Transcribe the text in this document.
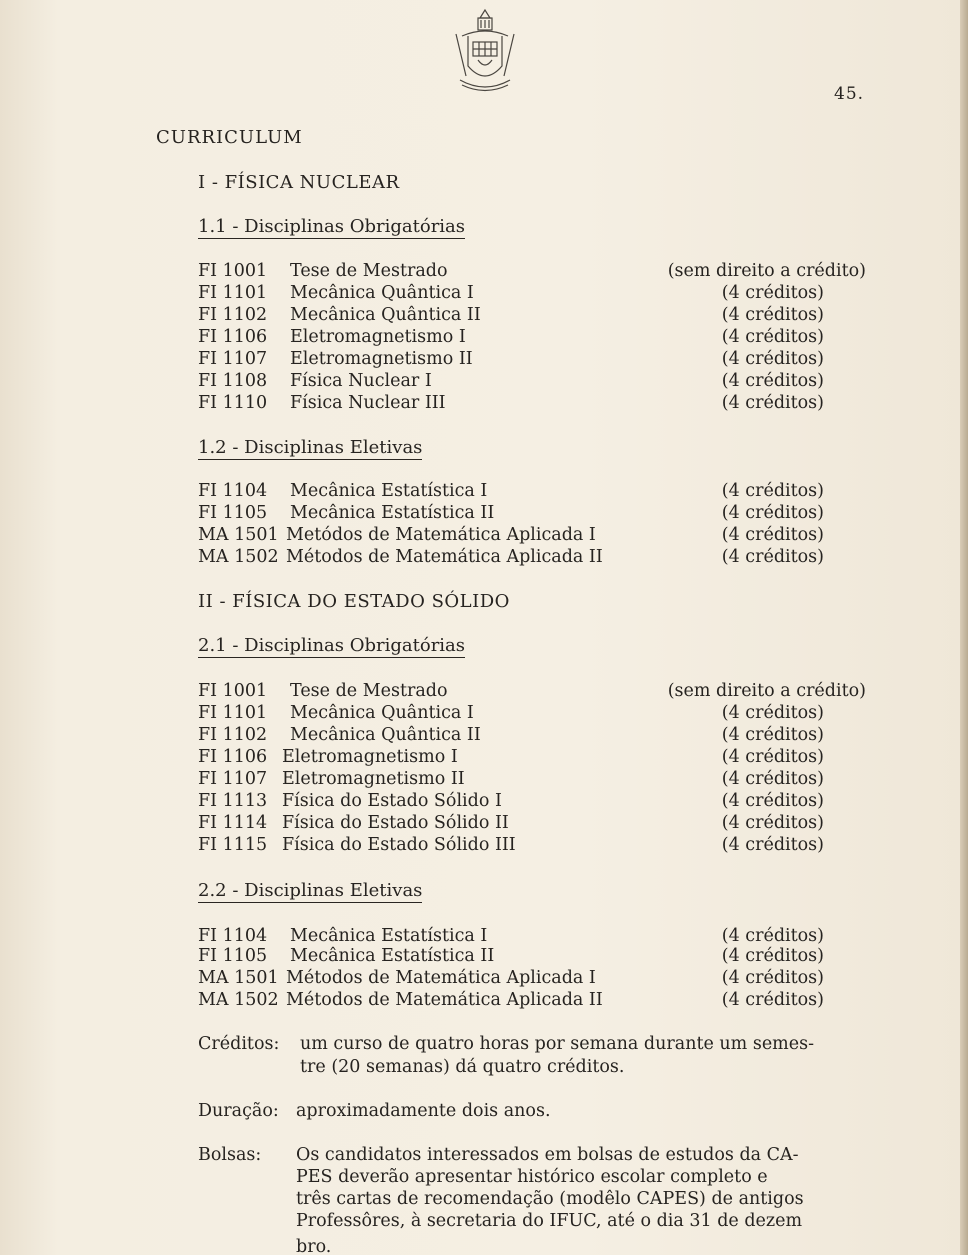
45.
CURRICULUM
I - FÍSICA NUCLEAR
1.1 - Disciplinas Obrigatórias
FI 1001 Tese de Mestrado	(sem direito a crédito)
FI 1101 Mecânica Quântica I	(4 créditos)
FI 1102 Mecânica Quântica II	(4 créditos)
FI 1106 Eletromagnetismo I	(4 créditos)
FI 1107 Eletromagnetismo II	(4 créditos)
FI 1108 Física Nuclear I	(4 créditos)
FI 1110 Física Nuclear III	(4 créditos)
1.2 - Disciplinas Eletivas
FI 1104 Mecânica Estatística I	(4 créditos)
FI 1105 Mecânica Estatística II	(4 créditos)
MA 1501 Metódos de Matemática Aplicada I	(4 créditos)
MA 1502 Métodos de Matemática Aplicada II	(4 créditos)
II - FÍSICA DO ESTADO SÓLIDO
2.1 - Disciplinas Obrigatórias
FI 1001 Tese de Mestrado	(sem direito a crédito)
FI 1101 Mecânica Quântica I	(4 créditos)
FI 1102 Mecânica Quântica II	(4 créditos)
FI 1106 Eletromagnetismo I	(4 créditos)
FI 1107 Eletromagnetismo II	(4 créditos)
FI 1113 Física do Estado Sólido I	(4 créditos)
FI 1114 Física do Estado Sólido II	(4 créditos)
FI 1115 Física do Estado Sólido III	(4 créditos)
2.2 - Disciplinas Eletivas
FI 1104 Mecânica Estatística I	(4 créditos)
FI 1105 Mecânica Estatística II	(4 créditos)
MA 1501 Métodos de Matemática Aplicada I	(4 créditos)
MA 1502 Métodos de Matemática Aplicada II	(4 créditos)
Créditos: um curso de quatro horas por semana durante um semes-
tre (20 semanas) dá quatro créditos.
Duração: aproximadamente dois anos.
Bolsas: Os candidatos interessados em bolsas de estudos da CA-
PES deverão apresentar histórico escolar completo e
três cartas de recomendação (modêlo CAPES) de antigos
Professôres, à secretaria do IFUC, até o dia 31 de dezem
bro.
